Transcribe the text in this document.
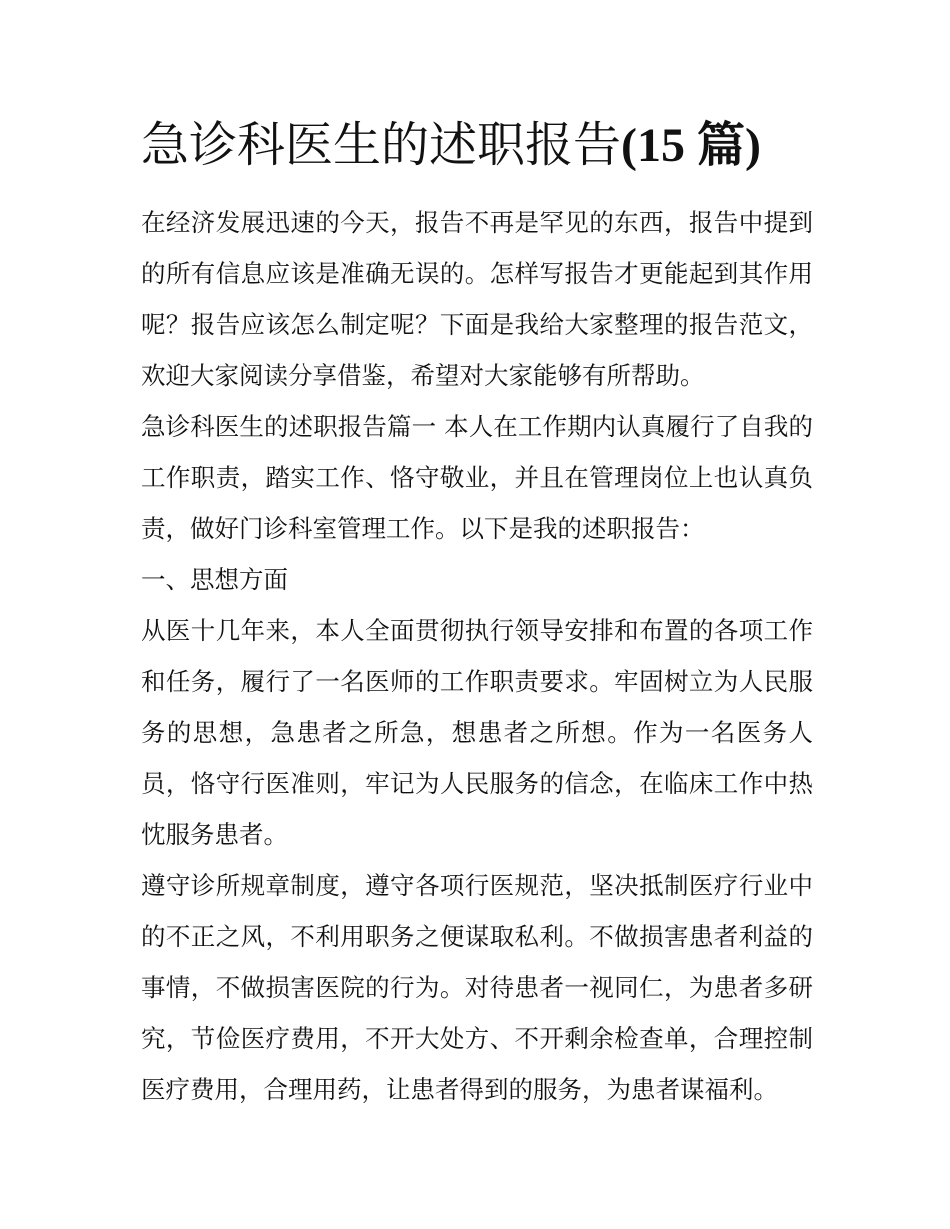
急诊科医生的述职报告(15 篇)

在经济发展迅速的今天，报告不再是罕见的东西，报告中提到的所有信息应该是准确无误的。怎样写报告才更能起到其作用呢？报告应该怎么制定呢？下面是我给大家整理的报告范文，欢迎大家阅读分享借鉴，希望对大家能够有所帮助。

急诊科医生的述职报告篇一 本人在工作期内认真履行了自我的工作职责，踏实工作、恪守敬业，并且在管理岗位上也认真负责，做好门诊科室管理工作。以下是我的述职报告：

一、思想方面

从医十几年来，本人全面贯彻执行领导安排和布置的各项工作和任务，履行了一名医师的工作职责要求。牢固树立为人民服务的思想，急患者之所急，想患者之所想。作为一名医务人员，恪守行医准则，牢记为人民服务的信念，在临床工作中热忱服务患者。

遵守诊所规章制度，遵守各项行医规范，坚决抵制医疗行业中的不正之风，不利用职务之便谋取私利。不做损害患者利益的事情，不做损害医院的行为。对待患者一视同仁，为患者多研究，节俭医疗费用，不开大处方、不开剩余检查单，合理控制医疗费用，合理用药，让患者得到的服务，为患者谋福利。
